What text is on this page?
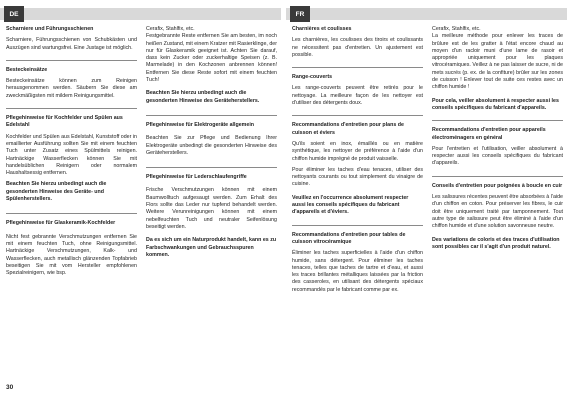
DE

Scharniere und Führungsschienen

Scharniere, Führungsschienen von Schubkästen und Auszügen sind wartungsfrei. Eine Justage ist möglich.

Besteckeinsätze

Besteckeinsätze können zum Reinigen herausgenommen werden. Säubern Sie diese am zweckmäßigsten mit mildem Reinigungsmittel.

Pflegehinweise für Kochfelder und Spülen aus Edelstahl

Kochfelder und Spülen aus Edelstahl, Kunststoff oder in emaillierter Ausführung sollten Sie mit einem feuchten Tuch unter Zusatz eines Spülmittels reinigen. Hartnäckige Wasserflecken können Sie mit handelsüblichen Reinigern oder normalem Haushaltsessig entfernen.

Beachten Sie hierzu unbedingt auch die gesonderten Hinweise des Geräte- und Spülenherstellers.

Pflegehinweise für Glaskeramik-Kochfelder

Nicht fest gebrannte Verschmutzungen entfernen Sie mit einem feuchten Tuch, ohne Reinigungsmittel. Hartnäckige Verschmutzungen, Kalk- und Wasserflecken, auch metallisch glänzenden Topfabrieb beseitigen Sie mit vom Hersteller empfohlenen Spezialreinigern, wie bsp.

Cerafix, Stahlfix, etc.

Festgebrannte Reste entfernen Sie am besten, im noch heißen Zustand, mit einem Kratzer mit Rasierklinge, der nur für Glaskeramik geeignet ist. Achten Sie darauf, dass kein Zucker oder zuckerhaltige Speisen (z. B. Marmelade) in den Kochzonen anbrennen können! Entfernen Sie diese Reste sofort mit einem feuchten Tuch!

Beachten Sie hierzu unbedingt auch die gesonderten Hinweise des Geräteherstellers.

Pflegehinweise für Elektrogeräte allgemein

Beachten Sie zur Pflege und Bedienung Ihrer Elektrogeräte unbedingt die gesonderten Hinweise des Geräteherstellers.

Pflegehinweise für Lederschlaufengriffe

Frische Verschmutzungen können mit einem Baumwolltuch aufgesaugt werden. Zum Erhalt des Flors sollte das Leder nur tupfend behandelt werden. Weitere Verunreinigungen können mit einem nebelfeuchten Tuch und neutraler Seifenlösung beseitigt werden.

Da es sich um ein Naturprodukt handelt, kann es zu Farbschwankungen und Gebrauchsspuren kommen.

30
FR

Charnières et coulisses

Les charnières, les coulisses des tiroirs et coulissants ne nécessitent pas d'entretien. Un ajustement est possible.

Range-couverts

Les range-couverts peuvent être retirés pour le nettoyage. La meilleure façon de les nettoyer est d'utiliser des détergents doux.

Recommandations d'entretien pour plans de cuisson et éviers

Qu'ils soient en inox, émaillés ou en matière synthétique, les nettoyer de préférence à l'aide d'un chiffon humide imprégné de produit vaisselle.

Pour éliminer les taches d'eau tenaces, utiliser des nettoyants courants ou tout simplement du vinaigre de cuisine.

Veuillez en l'occurrence absolument respecter aussi les conseils spécifiques du fabricant d'appareils et d'éviers.

Recommandations d'entretien pour tables de cuisson vitrocéramique

Éliminer les taches superficielles à l'aide d'un chiffon humide, sans détergent. Pour éliminer les taches tenaces, telles que taches de tartre et d'eau, et aussi les traces brillantes métalliques laissées par la friction des casseroles, en utilisant des détergents spéciaux recommandés par le fabricant comme par ex.

Cerafix, Stahlfix, etc.

La meilleure méthode pour enlever les traces de brûlure est de les gratter à l'état encore chaud au moyen d'un racloir muni d'une lame de rasoir et appropriée uniquement pour les plaques vitrocéramiques. Veillez à ne pas laisser de sucre, ni de mets sucrés (p. ex. de la confiture) brûler sur les zones de cuisson ! Enlever tout de suite ces restes avec un chiffon humide !

Pour cela, veiller absolument à respecter aussi les conseils spécifiques du fabricant d'appareils.

Recommandations d'entretien pour appareils électroménagers en général

Pour l'entretien et l'utilisation, veiller absolument à respecter aussi les conseils spécifiques du fabricant d'appareils.

Conseils d'entretien pour poignées à boucle en cuir

Les salissures récentes peuvent être absorbées à l'aide d'un chiffon en coton. Pour préserver les fibres, le cuir doit être uniquement traité par tamponnement. Tout autre type de salissure peut être éliminé à l'aide d'un chiffon humide et d'une solution savonneuse neutre.

Des variations de coloris et des traces d'utilisation sont possibles car il s'agit d'un produit naturel.
